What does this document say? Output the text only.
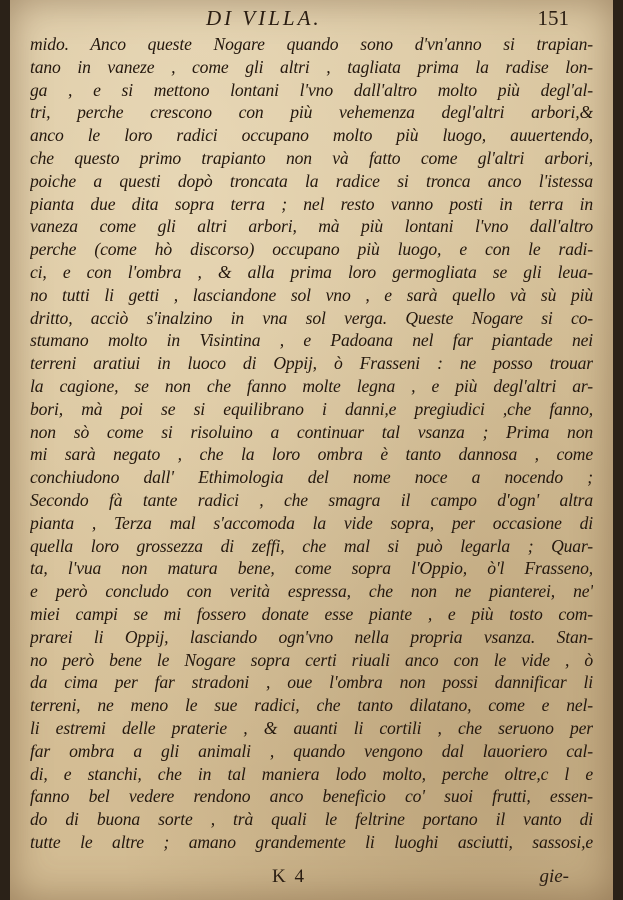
DI VILLA.	151
mido. Anco queste Nogare quando sono d'vn'anno si trapian-
tano in vaneze , come gli altri , tagliata prima la radise lon-
ga , e si mettono lontani l'vno dall'altro molto più degl'al-
tri, perche crescono con più vehemenza degl'altri arbori,&
anco le loro radici occupano molto più luogo, auuertendo,
che questo primo trapianto non và fatto come gl'altri arbori,
poiche a questi dopò troncata la radice si tronca anco l'istessa
pianta due dita sopra terra ; nel resto vanno posti in terra in
vaneza come gli altri arbori, mà più lontani l'vno dall'altro
perche (come hò discorso) occupano più luogo, e con le radi-
ci, e con l'ombra , & alla prima loro germogliata se gli leua-
no tutti li getti , lasciandone sol vno , e sarà quello và sù più
dritto, acciò s'inalzino in vna sol verga. Queste Nogare si co-
stumano molto in Visintina , e Padoana nel far piantade nei
terreni aratiui in luoco di Oppij, ò Frasseni : ne posso trouar
la cagione, se non che fanno molte legna , e più degl'altri ar-
bori, mà poi se si equilibrano i danni,e pregiudici ,che fanno,
non sò come si risoluino a continuar tal vsanza ; Prima non
mi sarà negato , che la loro ombra è tanto dannosa , come
conchiudono dall' Ethimologia del nome noce a nocendo ;
Secondo fà tante radici , che smagra il campo d'ogn' altra
pianta , Terza mal s'accomoda la vide sopra, per occasione di
quella loro grossezza di zeffi, che mal si può legarla ; Quar-
ta, l'vua non matura bene, come sopra l'Oppio, ò'l Frasseno,
e però concludo con verità espressa, che non ne pianterei, ne'
miei campi se mi fossero donate esse piante , e più tosto com-
prarei li Oppij, lasciando ogn'vno nella propria vsanza. Stan-
no però bene le Nogare sopra certi riuali anco con le vide , ò
da cima per far stradoni , oue l'ombra non possi dannificar li
terreni, ne meno le sue radici, che tanto dilatano, come e nel-
li estremi delle praterie , & auanti li cortili , che seruono per
far ombra a gli animali , quando vengono dal lauoriero cal-
di, e stanchi, che in tal maniera lodo molto, perche oltre,c l e
fanno bel vedere rendono anco beneficio co' suoi frutti, essen-
do di buona sorte , trà quali le feltrine portano il vanto di
tutte le altre ; amano grandemente li luoghi asciutti, sassosi,e
K 4	gie-
